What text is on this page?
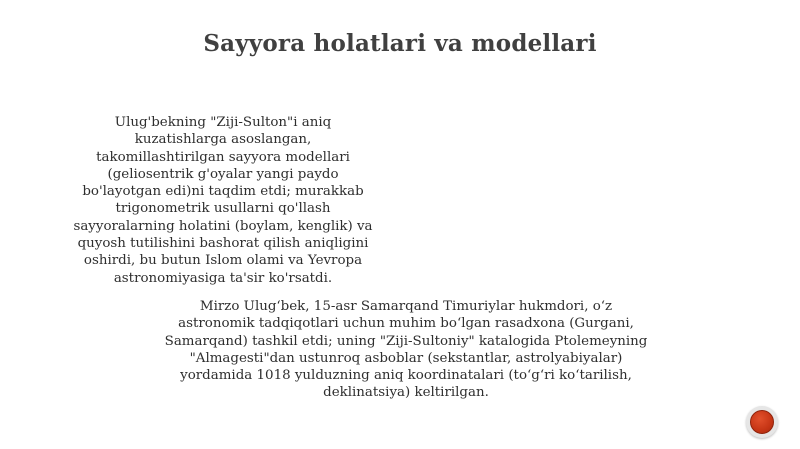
Sayyora holatlari va modellari

Ulug'bekning "Ziji-Sulton"i aniq
kuzatishlarga asoslangan,
takomillashtirilgan sayyora modellari
(geliosentrik g'oyalar yangi paydo
bo'layotgan edi)ni taqdim etdi; murakkab
trigonometrik usullarni qo'llash
sayyoralarning holatini (boylam, kenglik) va
quyosh tutilishini bashorat qilish aniqligini
oshirdi, bu butun Islom olami va Yevropa
astronomiyasiga ta'sir ko'rsatdi.

Mirzo Ulugʻbek, 15-asr Samarqand Timuriylar hukmdori, oʻz
astronomik tadqiqotlari uchun muhim boʻlgan rasadxona (Gurgani,
Samarqand) tashkil etdi; uning "Ziji-Sultoniy" katalogida Ptolemeyning
"Almagesti"dan ustunroq asboblar (sekstantlar, astrolyabiyalar)
yordamida 1018 yulduzning aniq koordinatalari (toʻgʻri koʻtarilish,
deklinatsiya) keltirilgan.
